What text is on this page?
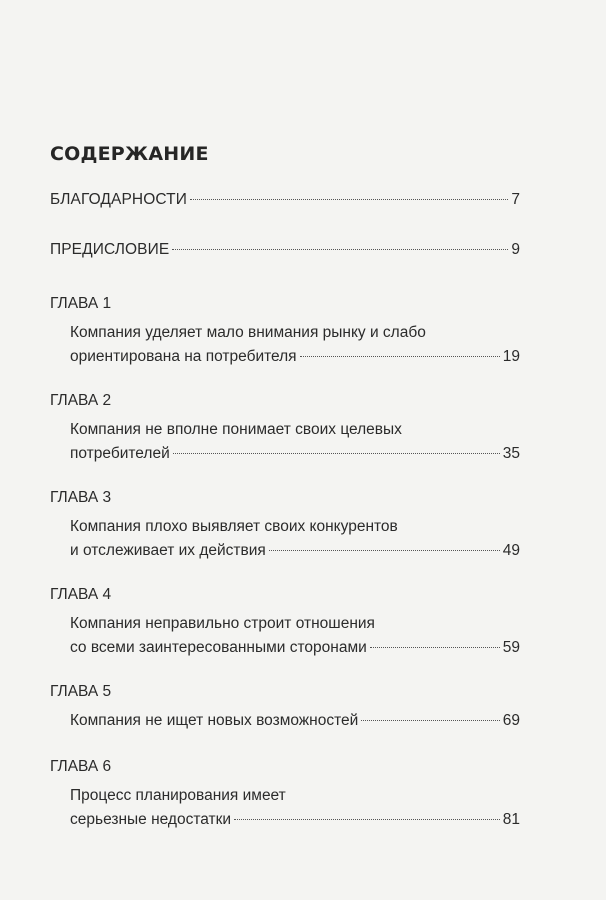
СОДЕРЖАНИЕ
БЛАГОДАРНОСТИ	7
ПРЕДИСЛОВИЕ	9
ГЛАВА 1
Компания уделяет мало внимания рынку и слабо
ориентирована на потребителя	19
ГЛАВА 2
Компания не вполне понимает своих целевых
потребителей	35
ГЛАВА 3
Компания плохо выявляет своих конкурентов
и отслеживает их действия	49
ГЛАВА 4
Компания неправильно строит отношения
со всеми заинтересованными сторонами	59
ГЛАВА 5
Компания не ищет новых возможностей	69
ГЛАВА 6
Процесс планирования имеет
серьезные недостатки	81
